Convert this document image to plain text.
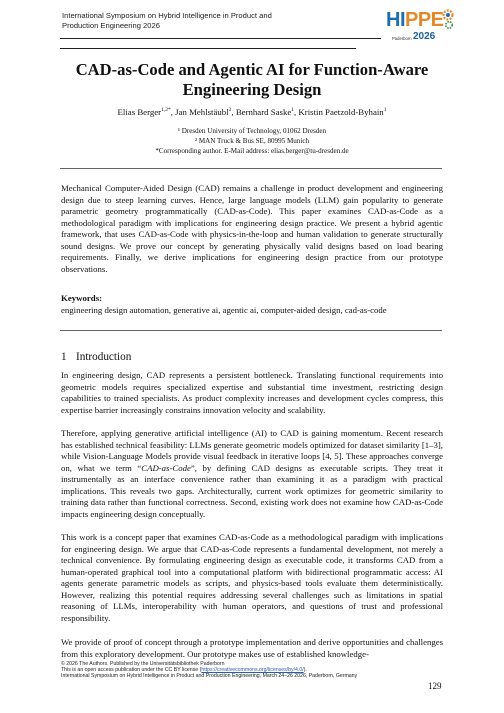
International Symposium on Hybrid Intelligence in Product and
Production Engineering 2026	HIPPE
Paderborn 2026
CAD-as-Code and Agentic AI for Function-Aware
Engineering Design
Elias Berger$^{1,2*}$, Jan Mehlstäubl$^2$, Bernhard Saske$^1$, Kristin Paetzold-Byhain$^1$
¹ Dresden University of Technology, 01062 Dresden
² MAN Truck & Bus SE, 80995 Munich
*Corresponding author. E-Mail address: elias.berger@tu-dresden.de

Mechanical Computer-Aided Design (CAD) remains a challenge in product development and engineering design due to steep learning curves. Hence, large language models (LLM) gain popularity to generate parametric geometry programmatically (CAD-as-Code). This paper examines CAD-as-Code as a methodological paradigm with implications for engineering design practice. We present a hybrid agentic framework, that uses CAD-as-Code with physics-in-the-loop and human validation to generate structurally sound designs. We prove our concept by generating physically valid designs based on load bearing requirements. Finally, we derive implications for engineering design practice from our prototype observations.

Keywords:
engineering design automation, generative ai, agentic ai, computer-aided design, cad-as-code
1 Introduction

In engineering design, CAD represents a persistent bottleneck. Translating functional requirements into geometric models requires specialized expertise and substantial time investment, restricting design capabilities to trained specialists. As product complexity increases and development cycles compress, this expertise barrier increasingly constrains innovation velocity and scalability.

Therefore, applying generative artificial intelligence (AI) to CAD is gaining momentum. Recent research has established technical feasibility: LLMs generate geometric models optimized for dataset similarity [1–3], while Vision-Language Models provide visual feedback in iterative loops [4, 5]. These approaches converge on, what we term “CAD-as-Code”, by defining CAD designs as executable scripts. They treat it instrumentally as an interface convenience rather than examining it as a paradigm with practical implications. This reveals two gaps. Architecturally, current work optimizes for geometric similarity to training data rather than functional correctness. Second, existing work does not examine how CAD-as-Code impacts engineering design conceptually.

This work is a concept paper that examines CAD-as-Code as a methodological paradigm with implications for engineering design. We argue that CAD-as-Code represents a fundamental development, not merely a technical convenience. By formulating engineering design as executable code, it transforms CAD from a human-operated graphical tool into a computational platform with bidirectional programmatic access: AI agents generate parametric models as scripts, and physics-based tools evaluate them deterministically. However, realizing this potential requires addressing several challenges such as limitations in spatial reasoning of LLMs, interoperability with human operators, and questions of trust and professional responsibility.

We provide of proof of concept through a prototype implementation and derive opportunities and challenges from this exploratory development. Our prototype makes use of established knowledge-

© 2026 The Authors. Published by the Universitätsbibliothek Paderborn
This is an open access publication under the CC BY license (https://creativecommons.org/licenses/by/4.0/).
International Symposium on Hybrid Intelligence in Product and Production Engineering, March 24–26 2026, Paderborn, Germany
129
